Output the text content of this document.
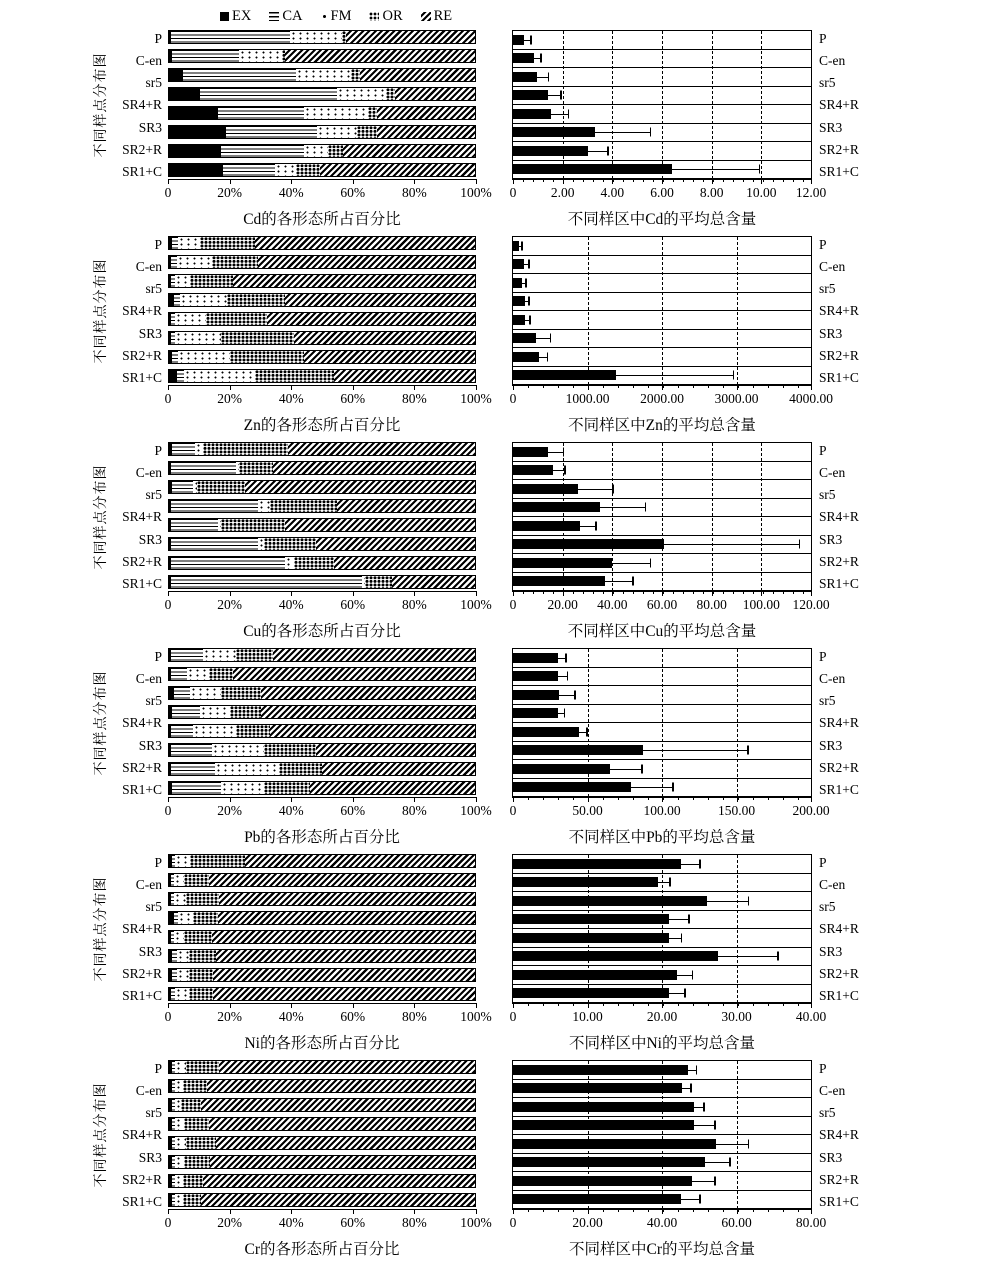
EX CA FM OR RE
不同样点分布图
P
C-en
sr5
SR4+R
SR3
SR2+R
SR1+C
0	20%	40%	60%	80% 100%
Cd的各形态所占百分比
0	2.00 4.00 6.00 8.00 10.00 12.00
不同样区中Cd的平均总含量
P
C-en
sr5
SR4+R
SR3
SR2+R
SR1+C
不同样点分布图
P
C-en
sr5
SR4+R
SR3
SR2+R
SR1+C
0	20%	40%	60%	80% 100%
Zn的各形态所占百分比
0	1000.00 2000.00 3000.00 4000.00
不同样区中Zn的平均总含量
P
C-en
sr5
SR4+R
SR3
SR2+R
SR1+C
不同样点分布图
P
C-en
sr5
SR4+R
SR3
SR2+R
SR1+C
0	20%	40%	60%	80% 100%
Cu的各形态所占百分比
0 20.00 40.00 60.00 80.00 100.00 120.00
不同样区中Cu的平均总含量
P
C-en
sr5
SR4+R
SR3
SR2+R
SR1+C
不同样点分布图
P
C-en
sr5
SR4+R
SR3
SR2+R
SR1+C
0	20%	40%	60%	80% 100%
Pb的各形态所占百分比
0	50.00	100.00	150.00	200.00
不同样区中Pb的平均总含量
P
C-en
sr5
SR4+R
SR3
SR2+R
SR1+C
不同样点分布图
P
C-en
sr5
SR4+R
SR3
SR2+R
SR1+C
0	20%	40%	60%	80% 100%
Ni的各形态所占百分比
0	10.00	20.00	30.00	40.00
不同样区中Ni的平均总含量
P
C-en
sr5
SR4+R
SR3
SR2+R
SR1+C
不同样点分布图
P
C-en
sr5
SR4+R
SR3
SR2+R
SR1+C
0	20%	40%	60%	80% 100%
Cr的各形态所占百分比
0	20.00	40.00	60.00	80.00
不同样区中Cr的平均总含量
P
C-en
sr5
SR4+R
SR3
SR2+R
SR1+C
